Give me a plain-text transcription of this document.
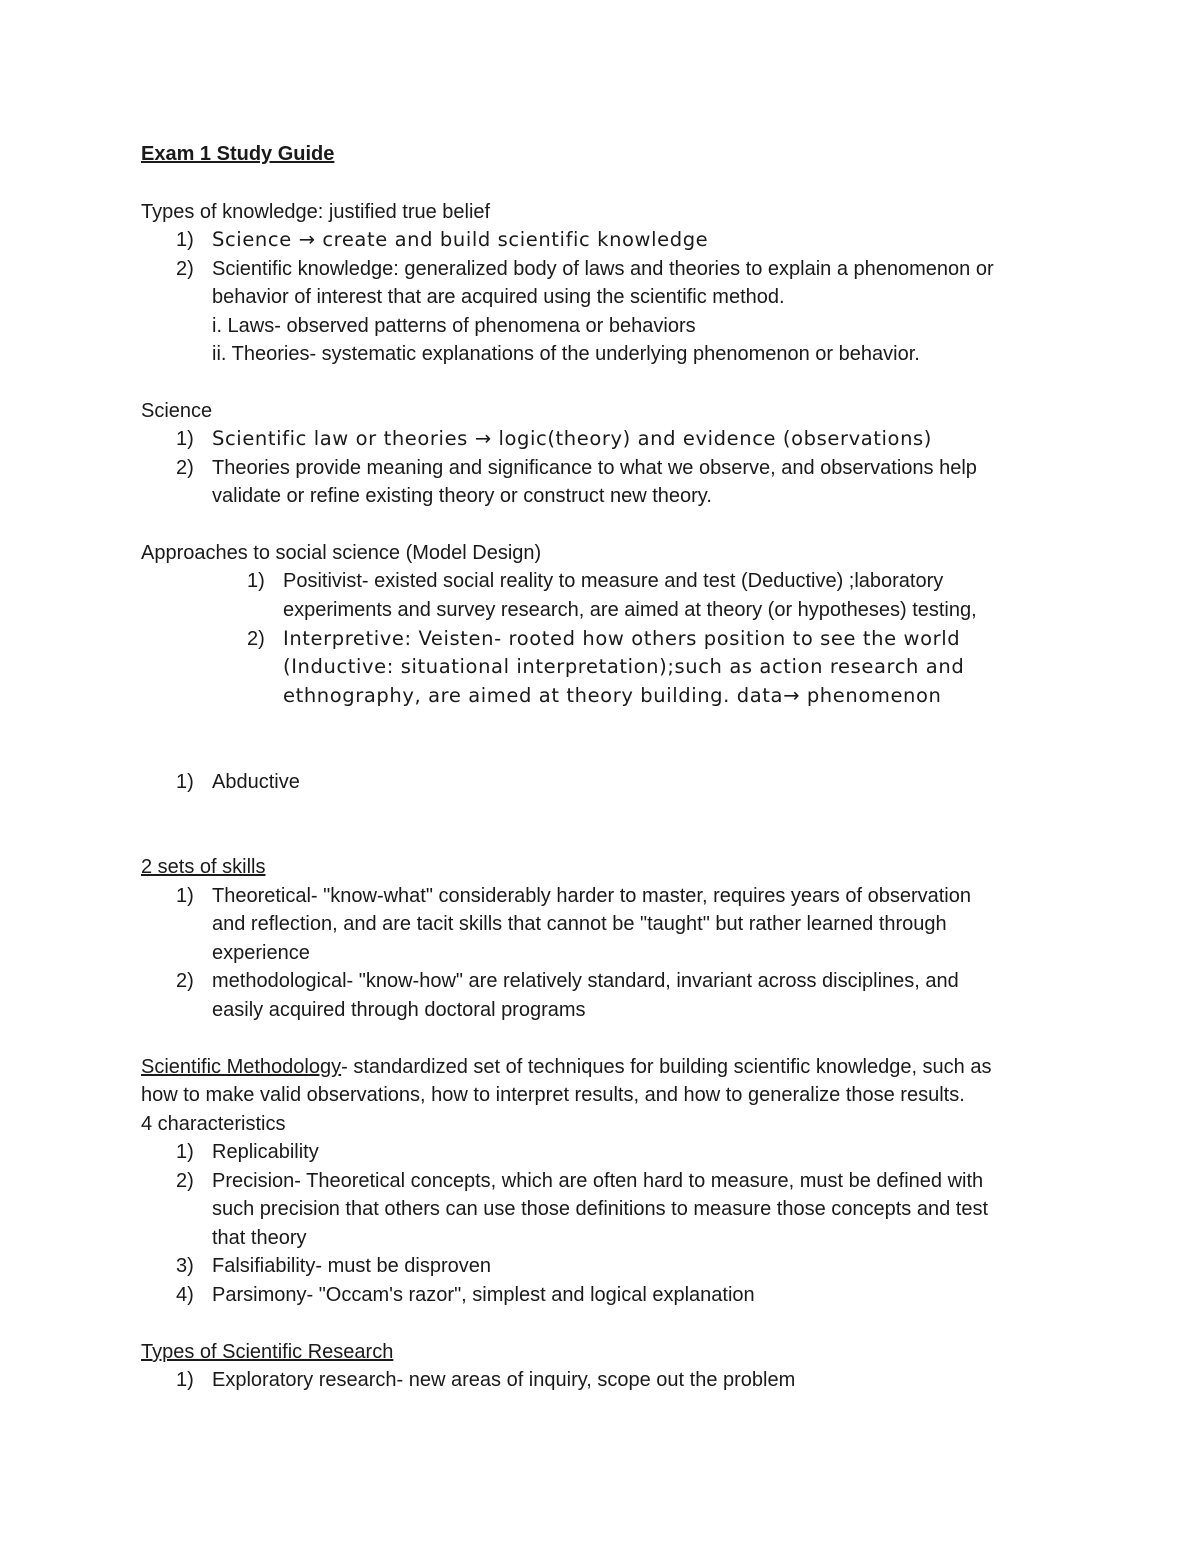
Exam 1 Study Guide
Types of knowledge: justified true belief
1) Science → create and build scientific knowledge
2) Scientific knowledge: generalized body of laws and theories to explain a phenomenon or
behavior of interest that are acquired using the scientific method.
i. Laws- observed patterns of phenomena or behaviors
ii. Theories- systematic explanations of the underlying phenomenon or behavior.
Science
1) Scientific law or theories → logic(theory) and evidence (observations)
2) Theories provide meaning and significance to what we observe, and observations help
validate or refine existing theory or construct new theory.
Approaches to social science (Model Design)
1) Positivist- existed social reality to measure and test (Deductive) ;laboratory
experiments and survey research, are aimed at theory (or hypotheses) testing,
2) Interpretive: Veisten- rooted how others position to see the world
(Inductive: situational interpretation);such as action research and
ethnography, are aimed at theory building. data→ phenomenon
1) Abductive
2 sets of skills
1) Theoretical- "know-what" considerably harder to master, requires years of observation
and reflection, and are tacit skills that cannot be "taught" but rather learned through
experience
2) methodological- "know-how" are relatively standard, invariant across disciplines, and
easily acquired through doctoral programs
Scientific Methodology- standardized set of techniques for building scientific knowledge, such as
how to make valid observations, how to interpret results, and how to generalize those results.
4 characteristics
1) Replicability
2) Precision- Theoretical concepts, which are often hard to measure, must be defined with
such precision that others can use those definitions to measure those concepts and test
that theory
3) Falsifiability- must be disproven
4) Parsimony- "Occam's razor", simplest and logical explanation
Types of Scientific Research
1) Exploratory research- new areas of inquiry, scope out the problem
